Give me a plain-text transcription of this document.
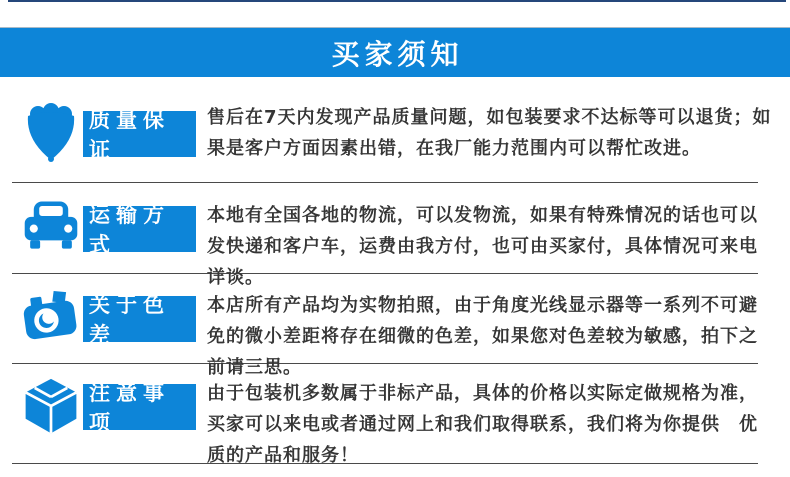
买家须知
质量保证

售后在7天内发现产品质量问题，如包装要求不达标等可以退货；如果是客户方面因素出错，在我厂能力范围内可以帮忙改进。

运输方式

本地有全国各地的物流，可以发物流，如果有特殊情况的话也可以发快递和客户车，运费由我方付，也可由买家付，具体情况可来电详谈。

关于色差

本店所有产品均为实物拍照，由于角度光线显示器等一系列不可避免的微小差距将存在细微的色差，如果您对色差较为敏感，拍下之前请三思。

注意事项

由于包装机多数属于非标产品，具体的价格以实际定做规格为准，买家可以来电或者通过网上和我们取得联系，我们将为你提供　优质的产品和服务！
